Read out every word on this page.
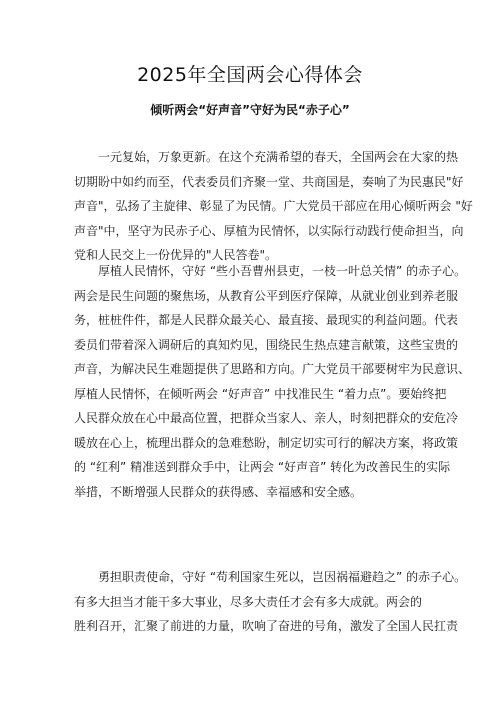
2025年全国两会心得体会
倾听两会“好声音”守好为民“赤子心”
一元复始，万象更新。在这个充满希望的春天，全国两会在大家的热
切期盼中如约而至，代表委员们齐聚一堂、共商国是，奏响了为民惠民"好
声音"，弘扬了主旋律、彰显了为民情。广大党员干部应在用心倾听两会 "好
声音"中，坚守为民赤子心、厚植为民情怀，以实际行动践行使命担当，向
党和人民交上一份优异的"人民答卷"。
厚植人民情怀，守好 “些小吾曹州县吏，一枝一叶总关情” 的赤子心。
两会是民生问题的聚焦场，从教育公平到医疗保障，从就业创业到养老服
务，桩桩件件，都是人民群众最关心、最直接、最现实的利益问题。代表
委员们带着深入调研后的真知灼见，围绕民生热点建言献策，这些宝贵的
声音，为解决民生难题提供了思路和方向。广大党员干部要树牢为民意识、
厚植人民情怀，在倾听两会 “好声音” 中找准民生 “着力点”。要始终把
人民群众放在心中最高位置，把群众当家人、亲人，时刻把群众的安危冷
暖放在心上，梳理出群众的急难愁盼，制定切实可行的解决方案，将政策
的 “红利” 精准送到群众手中，让两会 “好声音” 转化为改善民生的实际
举措，不断增强人民群众的获得感、幸福感和安全感。
勇担职责使命，守好 “苟利国家生死以，岂因祸福避趋之” 的赤子心。
有多大担当才能干多大事业，尽多大责任才会有多大成就。两会的
胜利召开，汇聚了前进的力量，吹响了奋进的号角，激发了全国人民扛责
